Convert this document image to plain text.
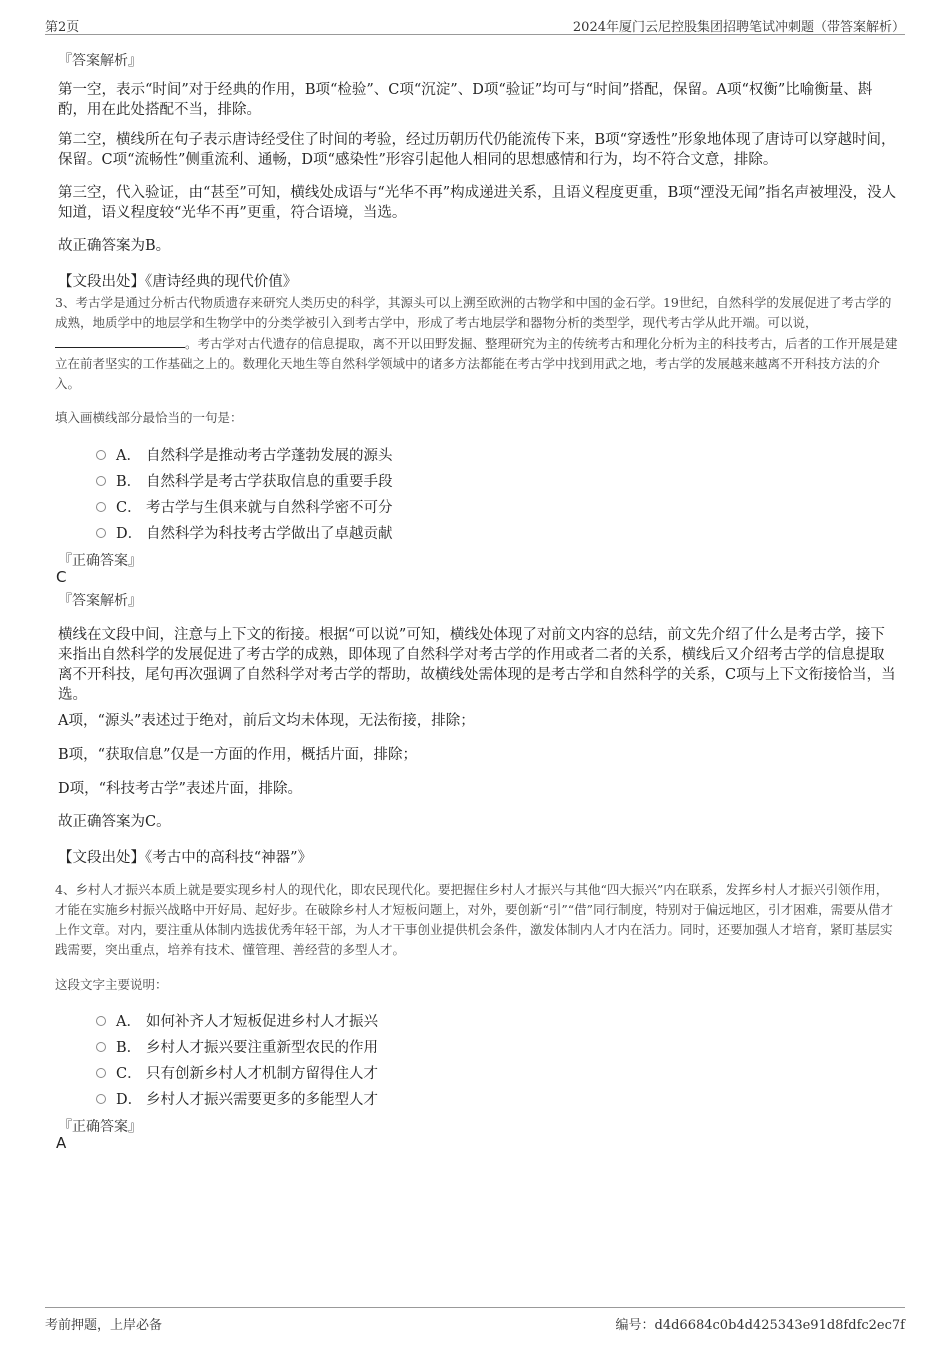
第2页	2024年厦门云尼控股集团招聘笔试冲刺题（带答案解析）
『答案解析』
第一空，表示“时间”对于经典的作用，B项“检验”、C项“沉淀”、D项“验证”均可与“时间”搭配，保留。A项“权衡”比喻衡量、斟酌，用在此处搭配不当，排除。
第二空，横线所在句子表示唐诗经受住了时间的考验，经过历朝历代仍能流传下来，B项“穿透性”形象地体现了唐诗可以穿越时间，保留。C项“流畅性”侧重流利、通畅，D项“感染性”形容引起他人相同的思想感情和行为，均不符合文意，排除。
第三空，代入验证，由“甚至”可知，横线处成语与“光华不再”构成递进关系，且语义程度更重，B项“湮没无闻”指名声被埋没，没人知道，语义程度较“光华不再”更重，符合语境，当选。
故正确答案为B。
【文段出处】《唐诗经典的现代价值》
3、考古学是通过分析古代物质遗存来研究人类历史的科学，其源头可以上溯至欧洲的古物学和中国的金石学。19世纪，自然科学的发展促进了考古学的成熟，地质学中的地层学和生物学中的分类学被引入到考古学中，形成了考古地层学和器物分析的类型学，现代考古学从此开端。可以说，。考古学对古代遗存的信息提取，离不开以田野发掘、整理研究为主的传统考古和理化分析为主的科技考古，后者的工作开展是建立在前者坚实的工作基础之上的。数理化天地生等自然科学领域中的诸多方法都能在考古学中找到用武之地，考古学的发展越来越离不开科技方法的介入。
填入画横线部分最恰当的一句是：
A． 自然科学是推动考古学蓬勃发展的源头
B． 自然科学是考古学获取信息的重要手段
C． 考古学与生俱来就与自然科学密不可分
D． 自然科学为科技考古学做出了卓越贡献
『正确答案』
C
『答案解析』
横线在文段中间，注意与上下文的衔接。根据“可以说”可知，横线处体现了对前文内容的总结，前文先介绍了什么是考古学，接下来指出自然科学的发展促进了考古学的成熟，即体现了自然科学对考古学的作用或者二者的关系，横线后又介绍考古学的信息提取离不开科技，尾句再次强调了自然科学对考古学的帮助，故横线处需体现的是考古学和自然科学的关系，C项与上下文衔接恰当，当选。
A项，“源头”表述过于绝对，前后文均未体现，无法衔接，排除；
B项，“获取信息”仅是一方面的作用，概括片面，排除；
D项，“科技考古学”表述片面，排除。
故正确答案为C。
【文段出处】《考古中的高科技“神器”》
4、乡村人才振兴本质上就是要实现乡村人的现代化，即农民现代化。要把握住乡村人才振兴与其他“四大振兴”内在联系，发挥乡村人才振兴引领作用，才能在实施乡村振兴战略中开好局、起好步。在破除乡村人才短板问题上，对外，要创新“引”“借”同行制度，特别对于偏远地区，引才困难，需要从借才上作文章。对内，要注重从体制内选拔优秀年轻干部，为人才干事创业提供机会条件，激发体制内人才内在活力。同时，还要加强人才培育，紧盯基层实践需要，突出重点，培养有技术、懂管理、善经营的多型人才。
这段文字主要说明：
A． 如何补齐人才短板促进乡村人才振兴
B． 乡村人才振兴要注重新型农民的作用
C． 只有创新乡村人才机制方留得住人才
D． 乡村人才振兴需要更多的多能型人才
『正确答案』
A
考前押题，上岸必备	编号：d4d6684c0b4d425343e91d8fdfc2ec7f
